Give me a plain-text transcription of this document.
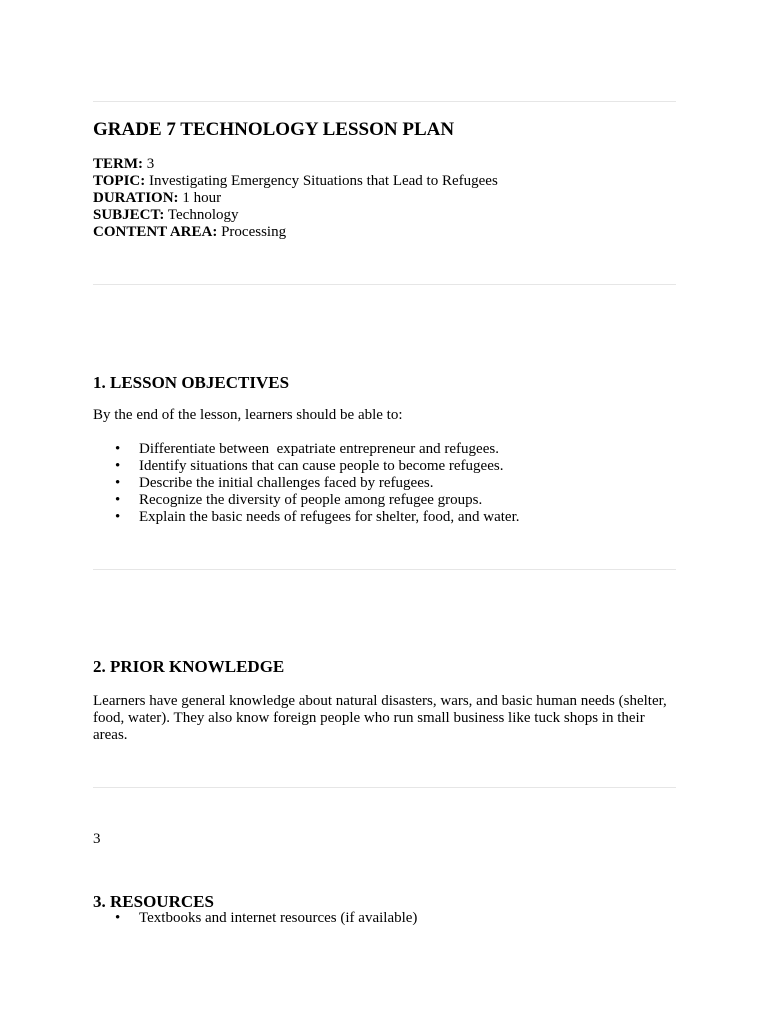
GRADE 7 TECHNOLOGY LESSON PLAN
TERM: 3
TOPIC: Investigating Emergency Situations that Lead to Refugees
DURATION: 1 hour
SUBJECT: Technology
CONTENT AREA: Processing
1. LESSON OBJECTIVES

By the end of the lesson, learners should be able to:

• Differentiate between  expatriate entrepreneur and refugees.
• Identify situations that can cause people to become refugees.
• Describe the initial challenges faced by refugees.
• Recognize the diversity of people among refugee groups.
• Explain the basic needs of refugees for shelter, food, and water.
2. PRIOR KNOWLEDGE

Learners have general knowledge about natural disasters, wars, and basic human needs (shelter, food, water). They also know foreign people who run small business like tuck shops in their areas.

3
3. RESOURCES
• Textbooks and internet resources (if available)
